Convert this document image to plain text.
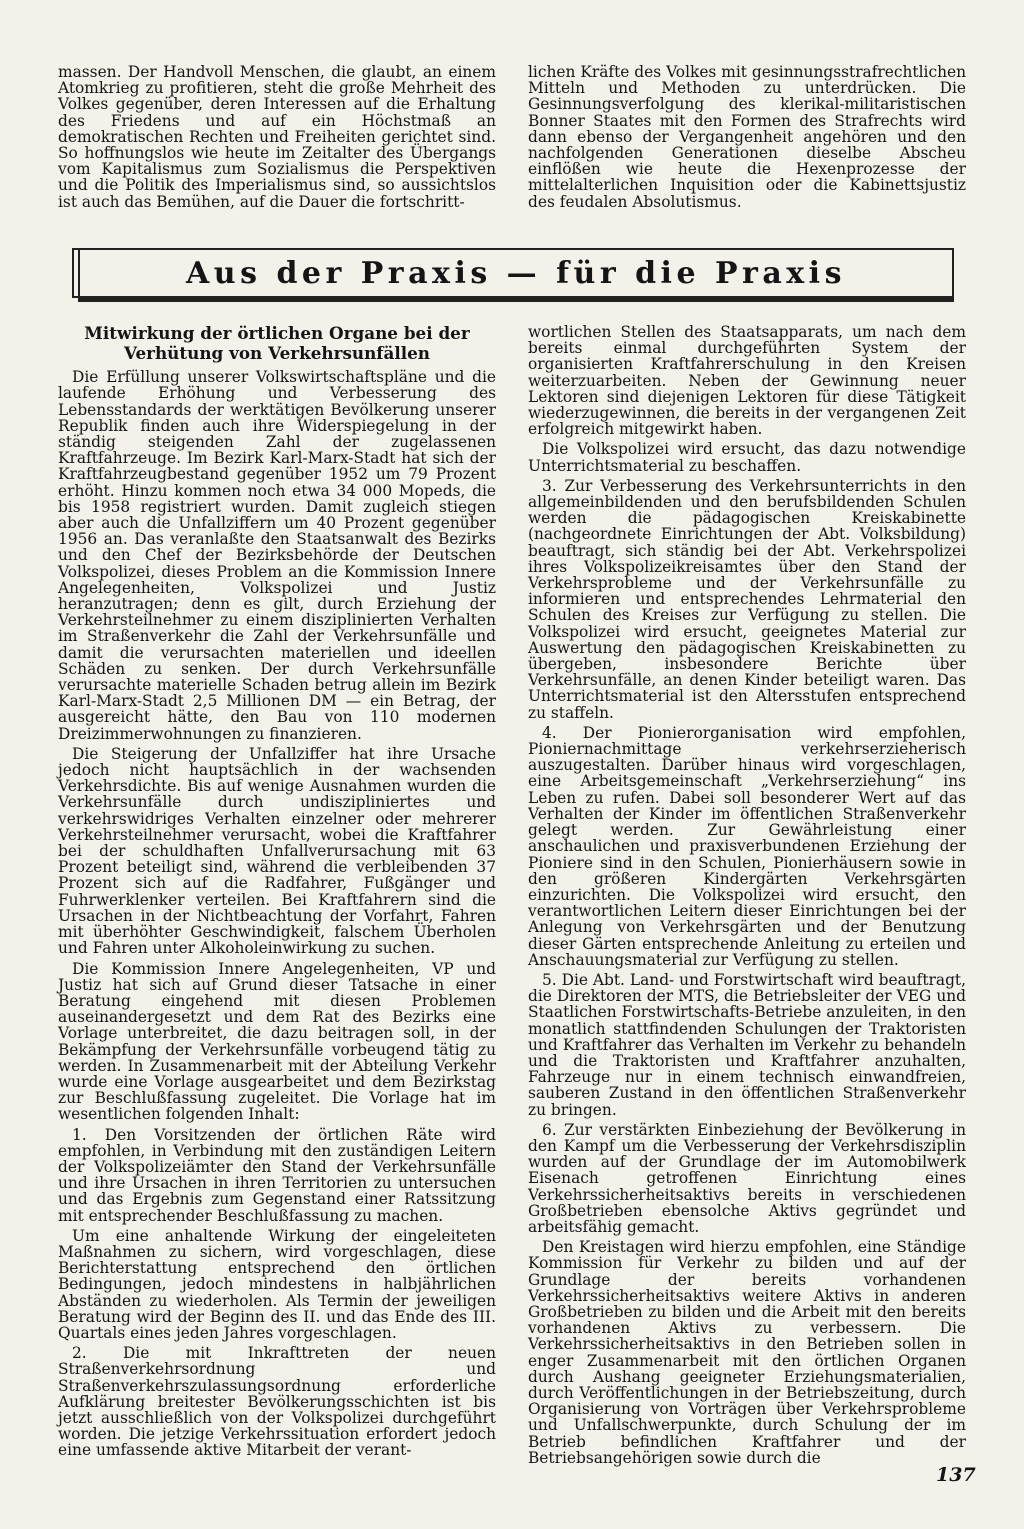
massen. Der Handvoll Menschen, die glaubt, an einem Atomkrieg zu profitieren, steht die große Mehrheit des Volkes gegenüber, deren Interessen auf die Erhaltung des Friedens und auf ein Höchstmaß an demokratischen Rechten und Freiheiten gerichtet sind. So hoffnungslos wie heute im Zeitalter des Übergangs vom Kapitalismus zum Sozialismus die Perspektiven und die Politik des Imperialismus sind, so aussichtslos ist auch das Bemühen, auf die Dauer die fortschritt-

lichen Kräfte des Volkes mit gesinnungsstrafrechtlichen Mitteln und Methoden zu unterdrücken. Die Gesinnungsverfolgung des klerikal-militaristischen Bonner Staates mit den Formen des Strafrechts wird dann ebenso der Vergangenheit angehören und den nachfolgenden Generationen dieselbe Abscheu einflößen wie heute die Hexenprozesse der mittelalterlichen Inquisition oder die Kabinettsjustiz des feudalen Absolutismus.

Aus der Praxis — für die Praxis
Mitwirkung der örtlichen Organe bei der Verhütung von Verkehrsunfällen

Die Erfüllung unserer Volkswirtschaftspläne und die laufende Erhöhung und Verbesserung des Lebensstandards der werktätigen Bevölkerung unserer Republik finden auch ihre Widerspiegelung in der ständig steigenden Zahl der zugelassenen Kraftfahrzeuge. Im Bezirk Karl-Marx-Stadt hat sich der Kraftfahrzeugbestand gegenüber 1952 um 79 Prozent erhöht. Hinzu kommen noch etwa 34 000 Mopeds, die bis 1958 registriert wurden. Damit zugleich stiegen aber auch die Unfallziffern um 40 Prozent gegenüber 1956 an. Das veranlaßte den Staatsanwalt des Bezirks und den Chef der Bezirksbehörde der Deutschen Volkspolizei, dieses Problem an die Kommission Innere Angelegenheiten, Volkspolizei und Justiz heranzutragen; denn es gilt, durch Erziehung der Verkehrsteilnehmer zu einem disziplinierten Verhalten im Straßenverkehr die Zahl der Verkehrsunfälle und damit die verursachten materiellen und ideellen Schäden zu senken. Der durch Verkehrsunfälle verursachte materielle Schaden betrug allein im Bezirk Karl-Marx-Stadt 2,5 Millionen DM — ein Betrag, der ausgereicht hätte, den Bau von 110 modernen Dreizimmerwohnungen zu finanzieren.

Die Steigerung der Unfallziffer hat ihre Ursache jedoch nicht hauptsächlich in der wachsenden Verkehrsdichte. Bis auf wenige Ausnahmen wurden die Verkehrsunfälle durch undiszipliniertes und verkehrswidriges Verhalten einzelner oder mehrerer Verkehrsteilnehmer verursacht, wobei die Kraftfahrer bei der schuldhaften Unfallverursachung mit 63 Prozent beteiligt sind, während die verbleibenden 37 Prozent sich auf die Radfahrer, Fußgänger und Fuhrwerklenker verteilen. Bei Kraftfahrern sind die Ursachen in der Nichtbeachtung der Vorfahrt, Fahren mit überhöhter Geschwindigkeit, falschem Überholen und Fahren unter Alkoholeinwirkung zu suchen.

Die Kommission Innere Angelegenheiten, VP und Justiz hat sich auf Grund dieser Tatsache in einer Beratung eingehend mit diesen Problemen auseinandergesetzt und dem Rat des Bezirks eine Vorlage unterbreitet, die dazu beitragen soll, in der Bekämpfung der Verkehrsunfälle vorbeugend tätig zu werden. In Zusammenarbeit mit der Abteilung Verkehr wurde eine Vorlage ausgearbeitet und dem Bezirkstag zur Beschlußfassung zugeleitet. Die Vorlage hat im wesentlichen folgenden Inhalt:

1. Den Vorsitzenden der örtlichen Räte wird empfohlen, in Verbindung mit den zuständigen Leitern der Volkspolizeiämter den Stand der Verkehrsunfälle und ihre Ursachen in ihren Territorien zu untersuchen und das Ergebnis zum Gegenstand einer Ratssitzung mit entsprechender Beschlußfassung zu machen.

Um eine anhaltende Wirkung der eingeleiteten Maßnahmen zu sichern, wird vorgeschlagen, diese Berichterstattung entsprechend den örtlichen Bedingungen, jedoch mindestens in halbjährlichen Abständen zu wiederholen. Als Termin der jeweiligen Beratung wird der Beginn des II. und das Ende des III. Quartals eines jeden Jahres vorgeschlagen.

2. Die mit Inkrafttreten der neuen Straßenverkehrsordnung und Straßenverkehrszulassungsordnung erforderliche Aufklärung breitester Bevölkerungsschichten ist bis jetzt ausschließlich von der Volkspolizei durchgeführt worden. Die jetzige Verkehrssituation erfordert jedoch eine umfassende aktive Mitarbeit der verant-

wortlichen Stellen des Staatsapparats, um nach dem bereits einmal durchgeführten System der organisierten Kraftfahrerschulung in den Kreisen weiterzuarbeiten. Neben der Gewinnung neuer Lektoren sind diejenigen Lektoren für diese Tätigkeit wiederzugewinnen, die bereits in der vergangenen Zeit erfolgreich mitgewirkt haben.

Die Volkspolizei wird ersucht, das dazu notwendige Unterrichtsmaterial zu beschaffen.

3. Zur Verbesserung des Verkehrsunterrichts in den allgemeinbildenden und den berufsbildenden Schulen werden die pädagogischen Kreiskabinette (nachgeordnete Einrichtungen der Abt. Volksbildung) beauftragt, sich ständig bei der Abt. Verkehrspolizei ihres Volkspolizeikreisamtes über den Stand der Verkehrsprobleme und der Verkehrsunfälle zu informieren und entsprechendes Lehrmaterial den Schulen des Kreises zur Verfügung zu stellen. Die Volkspolizei wird ersucht, geeignetes Material zur Auswertung den pädagogischen Kreiskabinetten zu übergeben, insbesondere Berichte über Verkehrsunfälle, an denen Kinder beteiligt waren. Das Unterrichtsmaterial ist den Altersstufen entsprechend zu staffeln.

4. Der Pionierorganisation wird empfohlen, Pioniernachmittage verkehrserzieherisch auszugestalten. Darüber hinaus wird vorgeschlagen, eine Arbeitsgemeinschaft „Verkehrserziehung“ ins Leben zu rufen. Dabei soll besonderer Wert auf das Verhalten der Kinder im öffentlichen Straßenverkehr gelegt werden. Zur Gewährleistung einer anschaulichen und praxisverbundenen Erziehung der Pioniere sind in den Schulen, Pionierhäusern sowie in den größeren Kindergärten Verkehrsgärten einzurichten. Die Volkspolizei wird ersucht, den verantwortlichen Leitern dieser Einrichtungen bei der Anlegung von Verkehrsgärten und der Benutzung dieser Gärten entsprechende Anleitung zu erteilen und Anschauungsmaterial zur Verfügung zu stellen.

5. Die Abt. Land- und Forstwirtschaft wird beauftragt, die Direktoren der MTS, die Betriebsleiter der VEG und Staatlichen Forstwirtschafts-Betriebe anzuleiten, in den monatlich stattfindenden Schulungen der Traktoristen und Kraftfahrer das Verhalten im Verkehr zu behandeln und die Traktoristen und Kraftfahrer anzuhalten, Fahrzeuge nur in einem technisch einwandfreien, sauberen Zustand in den öffentlichen Straßenverkehr zu bringen.

6. Zur verstärkten Einbeziehung der Bevölkerung in den Kampf um die Verbesserung der Verkehrsdisziplin wurden auf der Grundlage der im Automobilwerk Eisenach getroffenen Einrichtung eines Verkehrssicherheitsaktivs bereits in verschiedenen Großbetrieben ebensolche Aktivs gegründet und arbeitsfähig gemacht.

Den Kreistagen wird hierzu empfohlen, eine Ständige Kommission für Verkehr zu bilden und auf der Grundlage der bereits vorhandenen Verkehrssicherheitsaktivs weitere Aktivs in anderen Großbetrieben zu bilden und die Arbeit mit den bereits vorhandenen Aktivs zu verbessern. Die Verkehrssicherheitsaktivs in den Betrieben sollen in enger Zusammenarbeit mit den örtlichen Organen durch Aushang geeigneter Erziehungsmaterialien, durch Veröffentlichungen in der Betriebszeitung, durch Organisierung von Vorträgen über Verkehrsprobleme und Unfallschwerpunkte, durch Schulung der im Betrieb befindlichen Kraftfahrer und der Betriebsangehörigen sowie durch die

137
